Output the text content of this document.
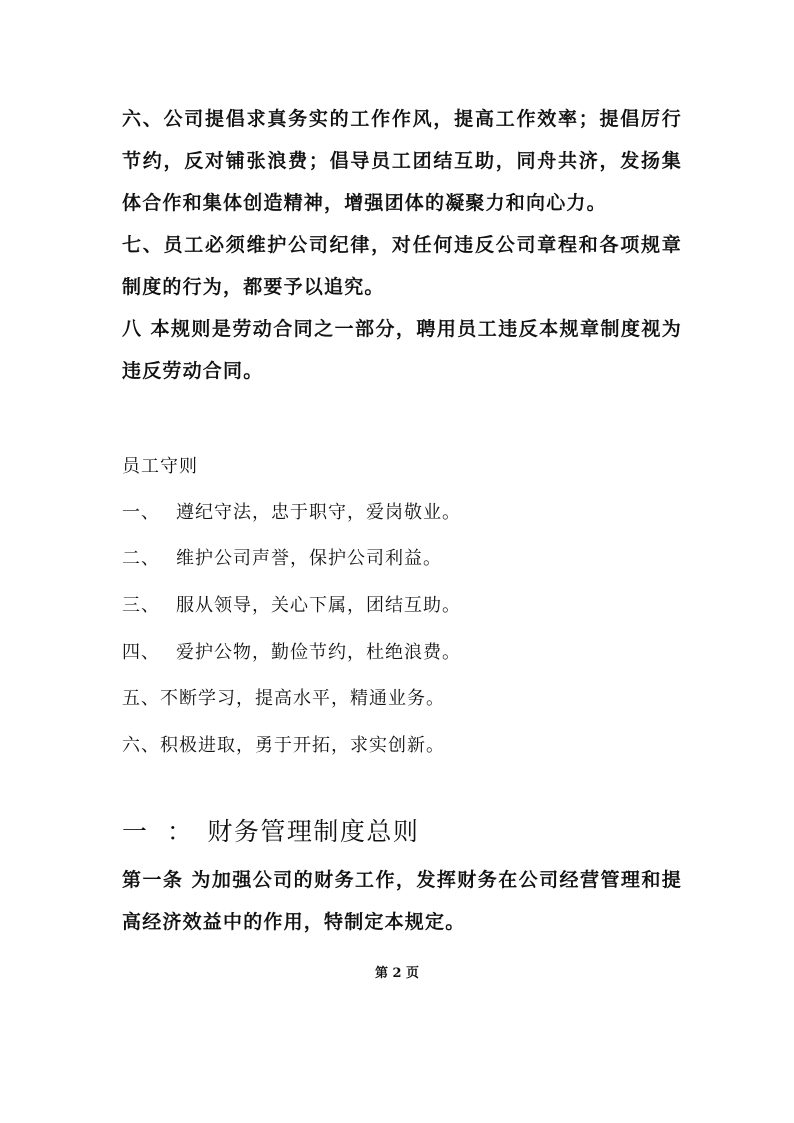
六、公司提倡求真务实的工作作风，提高工作效率；提倡厉行节约，反对铺张浪费；倡导员工团结互助，同舟共济，发扬集体合作和集体创造精神，增强团体的凝聚力和向心力。
七、员工必须维护公司纪律，对任何违反公司章程和各项规章制度的行为，都要予以追究。
八 本规则是劳动合同之一部分，聘用员工违反本规章制度视为违反劳动合同。
员工守则
一、 遵纪守法，忠于职守，爱岗敬业。
二、 维护公司声誉，保护公司利益。
三、 服从领导，关心下属，团结互助。
四、 爱护公物，勤俭节约，杜绝浪费。
五、不断学习，提高水平，精通业务。
六、积极进取，勇于开拓，求实创新。
一 ： 财务管理制度总则
第一条 为加强公司的财务工作，发挥财务在公司经营管理和提高经济效益中的作用，特制定本规定。
第 2 页
